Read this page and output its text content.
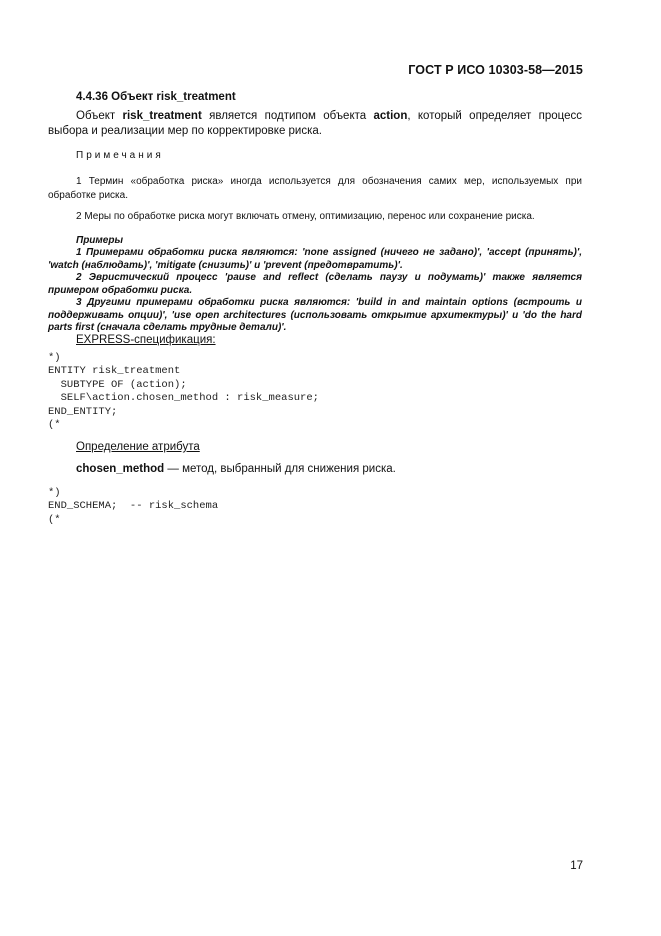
ГОСТ Р ИСО 10303-58—2015
4.4.36 Объект risk_treatment
Объект risk_treatment является подтипом объекта action, который определяет процесс выбора и реализации мер по корректировке риска.
Примечания
1 Термин «обработка риска» иногда используется для обозначения самих мер, используемых при обработке риска.
2 Меры по обработке риска могут включать отмену, оптимизацию, перенос или сохранение риска.
Примеры
1 Примерами обработки риска являются: 'none assigned (ничего не задано)', 'accept (принять)', 'watch (наблюдать)', 'mitigate (снизить)' и 'prevent (предотвратить)'.
2 Эвристический процесс 'pause and reflect (сделать паузу и подумать)' также является примером обработки риска.
3 Другими примерами обработки риска являются: 'build in and maintain options (встроить и поддерживать опции)', 'use open architectures (использовать открытие архитектуры)' и 'do the hard parts first (сначала сделать трудные детали)'.
EXPRESS-спецификация:
*)
ENTITY risk_treatment
SUBTYPE OF (action);
SELF\action.chosen_method : risk_measure;
END_ENTITY;
(*
Определение атрибута
chosen_method — метод, выбранный для снижения риска.
*)
END_SCHEMA;  -- risk_schema
(*
17
